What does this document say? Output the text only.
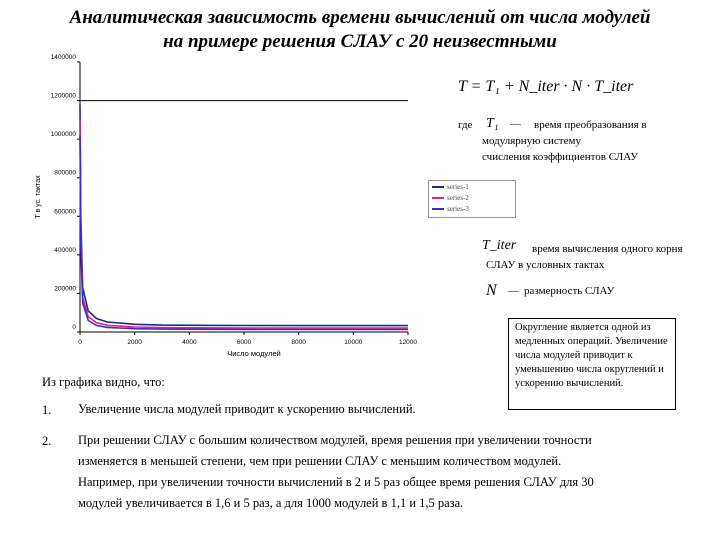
Аналитическая зависимость времени вычислений от числа модулей
на примере решения СЛАУ с 20 неизвестными
0
200000
400000
600000
800000
1000000
1200000
1400000
0	2000	4000	6000	8000	10000	12000
Число модулей
T в ус. тактах	series-1
series-2
series-3
T = T₁ + N_iter · N · T_iter
где T₁ — время преобразования в
модулярную систему
счисления коэффициентов СЛАУ
T_iter время вычисления одного корня
СЛАУ в условных тактах
N — размерность СЛАУ
Округление является одной из медленных операций. Увеличение числа модулей приводит к уменьшению числа округлений и ускорению вычислений.
Из графика видно, что:
1. Увеличение числа модулей приводит к ускорению вычислений.
2. При решении СЛАУ с большим количеством модулей, время решения при увеличении точности изменяется в меньшей степени, чем при решении СЛАУ с меньшим количеством модулей. Например, при увеличении точности вычислений в 2 и 5 раз общее время решения СЛАУ для 30 модулей увеличивается в 1,6 и 5 раз, а для 1000 модулей в 1,1 и 1,5 раза.
